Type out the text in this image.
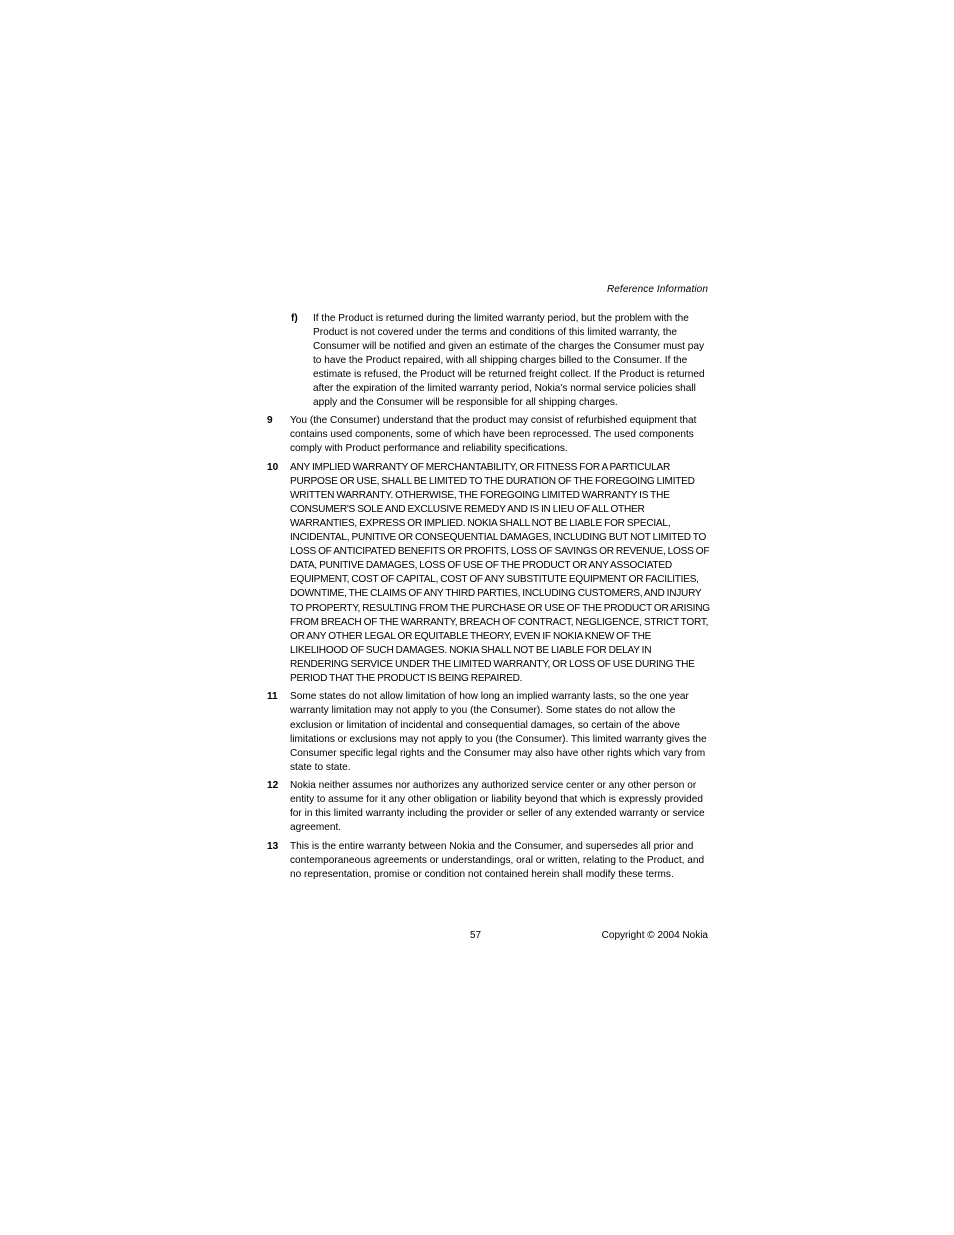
Reference Information
f) If the Product is returned during the limited warranty period, but the problem with the Product is not covered under the terms and conditions of this limited warranty, the Consumer will be notified and given an estimate of the charges the Consumer must pay to have the Product repaired, with all shipping charges billed to the Consumer. If the estimate is refused, the Product will be returned freight collect. If the Product is returned after the expiration of the limited warranty period, Nokia's normal service policies shall apply and the Consumer will be responsible for all shipping charges.
9 You (the Consumer) understand that the product may consist of refurbished equipment that contains used components, some of which have been reprocessed. The used components comply with Product performance and reliability specifications.
10 ANY IMPLIED WARRANTY OF MERCHANTABILITY, OR FITNESS FOR A PARTICULAR PURPOSE OR USE, SHALL BE LIMITED TO THE DURATION OF THE FOREGOING LIMITED WRITTEN WARRANTY. OTHERWISE, THE FOREGOING LIMITED WARRANTY IS THE CONSUMER'S SOLE AND EXCLUSIVE REMEDY AND IS IN LIEU OF ALL OTHER WARRANTIES, EXPRESS OR IMPLIED. NOKIA SHALL NOT BE LIABLE FOR SPECIAL, INCIDENTAL, PUNITIVE OR CONSEQUENTIAL DAMAGES, INCLUDING BUT NOT LIMITED TO LOSS OF ANTICIPATED BENEFITS OR PROFITS, LOSS OF SAVINGS OR REVENUE, LOSS OF DATA, PUNITIVE DAMAGES, LOSS OF USE OF THE PRODUCT OR ANY ASSOCIATED EQUIPMENT, COST OF CAPITAL, COST OF ANY SUBSTITUTE EQUIPMENT OR FACILITIES, DOWNTIME, THE CLAIMS OF ANY THIRD PARTIES, INCLUDING CUSTOMERS, AND INJURY TO PROPERTY, RESULTING FROM THE PURCHASE OR USE OF THE PRODUCT OR ARISING FROM BREACH OF THE WARRANTY, BREACH OF CONTRACT, NEGLIGENCE, STRICT TORT, OR ANY OTHER LEGAL OR EQUITABLE THEORY, EVEN IF NOKIA KNEW OF THE LIKELIHOOD OF SUCH DAMAGES. NOKIA SHALL NOT BE LIABLE FOR DELAY IN RENDERING SERVICE UNDER THE LIMITED WARRANTY, OR LOSS OF USE DURING THE PERIOD THAT THE PRODUCT IS BEING REPAIRED.
11 Some states do not allow limitation of how long an implied warranty lasts, so the one year warranty limitation may not apply to you (the Consumer). Some states do not allow the exclusion or limitation of incidental and consequential damages, so certain of the above limitations or exclusions may not apply to you (the Consumer). This limited warranty gives the Consumer specific legal rights and the Consumer may also have other rights which vary from state to state.
12 Nokia neither assumes nor authorizes any authorized service center or any other person or entity to assume for it any other obligation or liability beyond that which is expressly provided for in this limited warranty including the provider or seller of any extended warranty or service agreement.
13 This is the entire warranty between Nokia and the Consumer, and supersedes all prior and contemporaneous agreements or understandings, oral or written, relating to the Product, and no representation, promise or condition not contained herein shall modify these terms.
57	Copyright © 2004 Nokia
